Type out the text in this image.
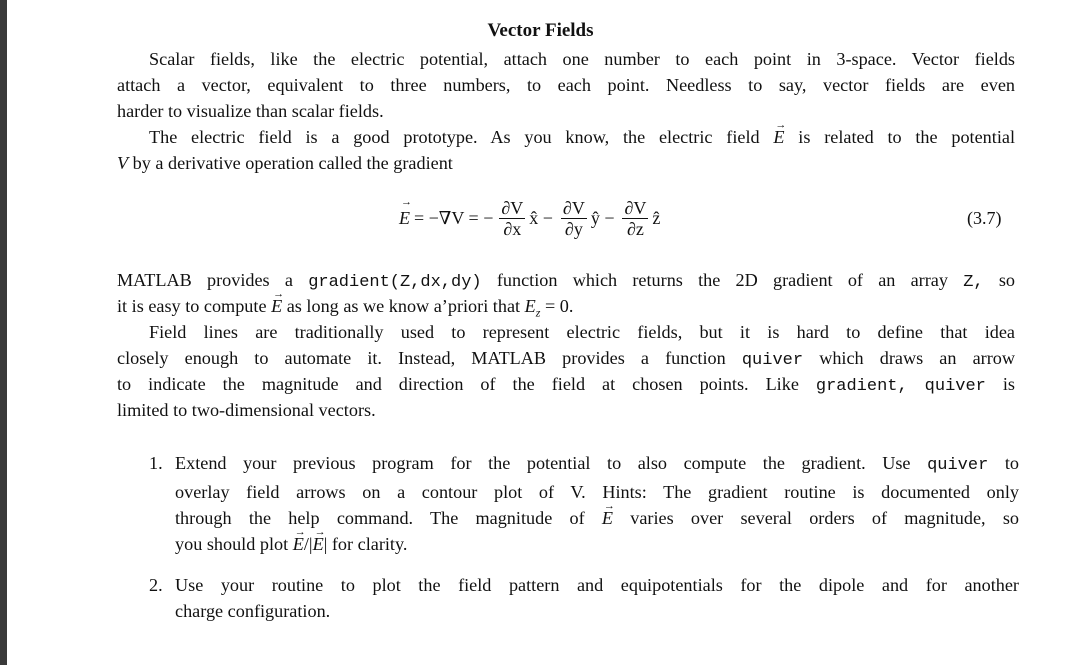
Vector Fields
Scalar fields, like the electric potential, attach one number to each point in 3-space. Vector fields
attach a vector, equivalent to three numbers, to each point. Needless to say, vector fields are even
harder to visualize than scalar fields.
The electric field is a good prototype. As you know, the electric field E → is related to the potential
V by a derivative operation called the gradient
E → = −∇V = − $\frac{\partial V}{\partial x}$ x̂ − $\frac{\partial V}{\partial y}$ ŷ − $\frac{\partial V}{\partial z}$ ẑ	(3.7)
MATLAB provides a gradient(Z,dx,dy) function which returns the 2D gradient of an array Z, so
it is easy to compute E → as long as we know a’priori that $E_z = 0$.
Field lines are traditionally used to represent electric fields, but it is hard to define that idea
closely enough to automate it. Instead, MATLAB provides a function quiver which draws an arrow
to indicate the magnitude and direction of the field at chosen points. Like gradient, quiver is
limited to two-dimensional vectors.
1. Extend your previous program for the potential to also compute the gradient. Use quiver to
overlay field arrows on a contour plot of V. Hints: The gradient routine is documented only
through the help command. The magnitude of E → varies over several orders of magnitude, so
you should plot E →/|E →| for clarity.
2. Use your routine to plot the field pattern and equipotentials for the dipole and for another
charge configuration.
